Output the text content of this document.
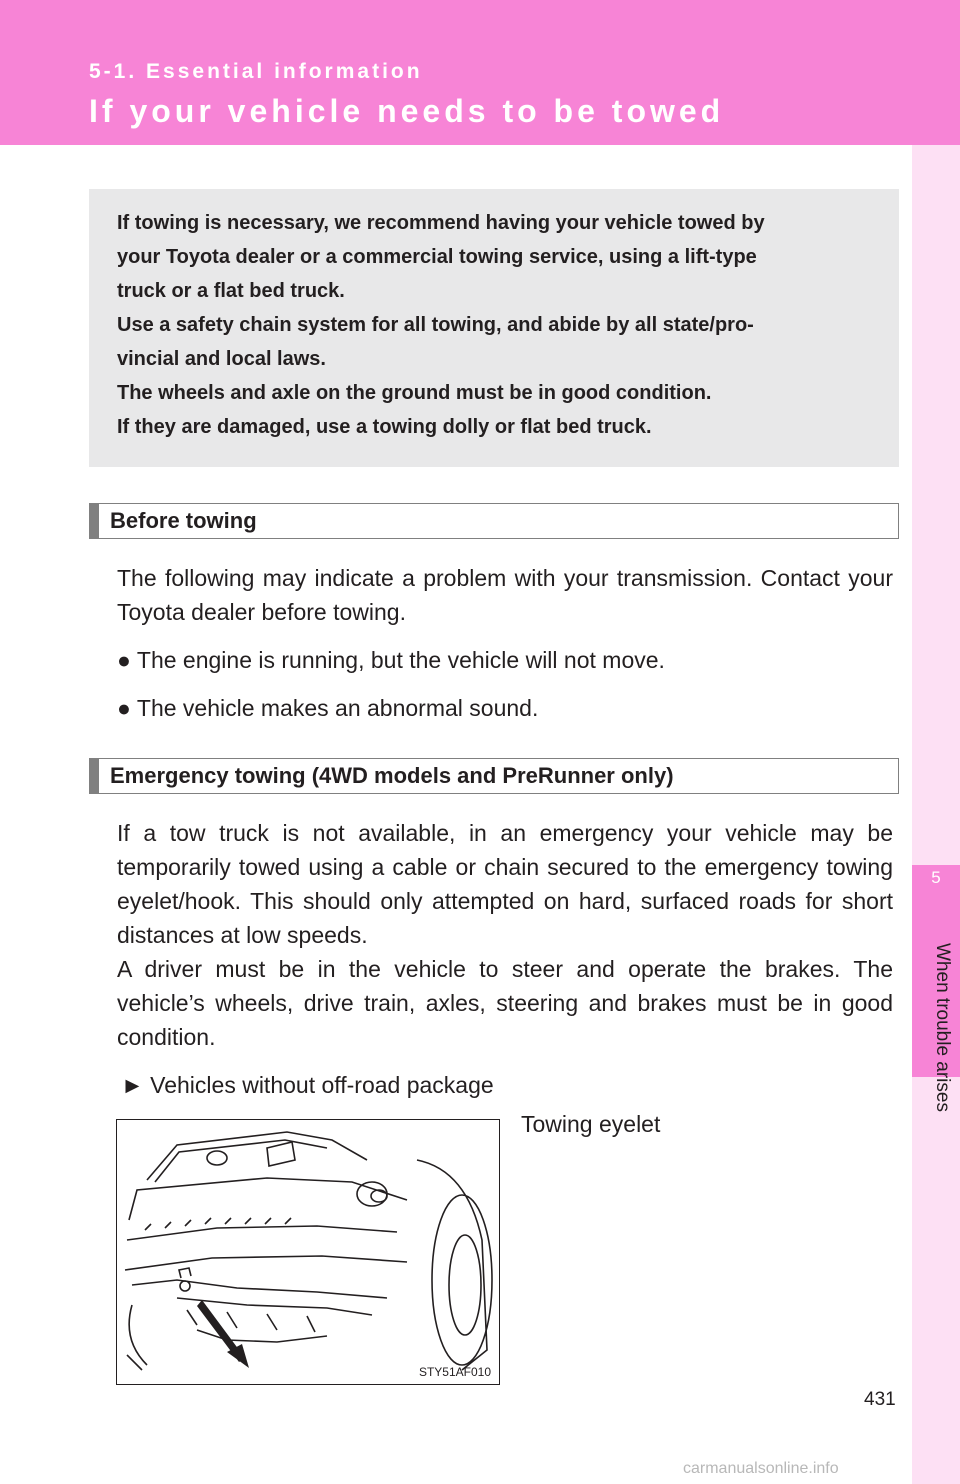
5-1. Essential information
If your vehicle needs to be towed
5
When trouble arises

If towing is necessary, we recommend having your vehicle towed by

your Toyota dealer or a commercial towing service, using a lift-type

truck or a flat bed truck.

Use a safety chain system for all towing, and abide by all state/pro-

vincial and local laws.

The wheels and axle on the ground must be in good condition.

If they are damaged, use a towing dolly or flat bed truck.

Before towing

The following may indicate a problem with your transmission. Contact your Toyota dealer before towing.

● The engine is running, but the vehicle will not move.
● The vehicle makes an abnormal sound.
Emergency towing (4WD models and PreRunner only)

If a tow truck is not available, in an emergency your vehicle may be temporarily towed using a cable or chain secured to the emergency towing eyelet/hook. This should only attempted on hard, surfaced roads for short distances at low speeds.

A driver must be in the vehicle to steer and operate the brakes. The vehicle’s wheels, drive train, axles, steering and brakes must be in good condition.

► Vehicles without off-road package
STY51AF010
Towing eyelet
431
carmanualsonline.info
